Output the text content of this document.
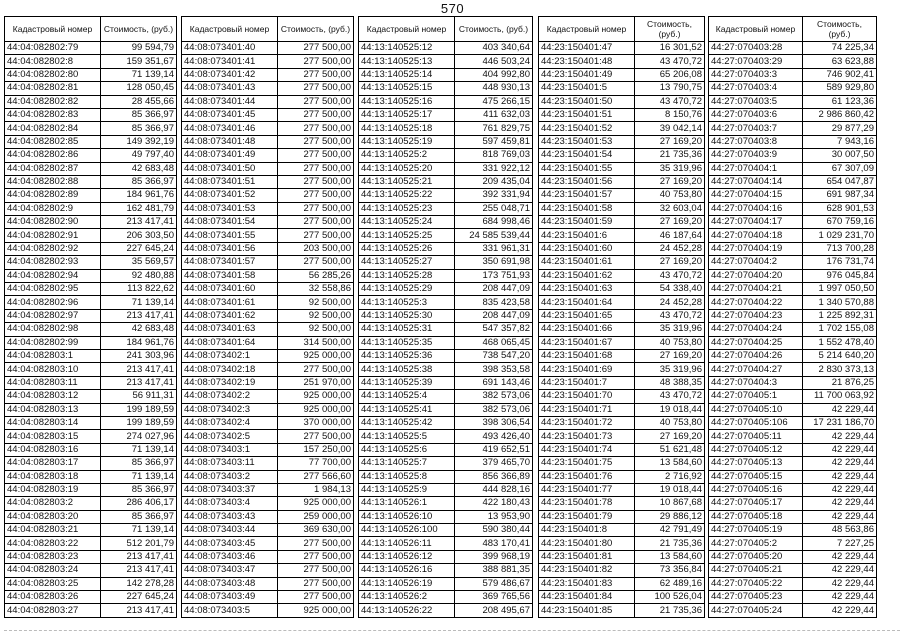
570
Кадастровый номер	Стоимость, (руб.)
44:04:082802:79	99 594,79
44:04:082802:8	159 351,67
44:04:082802:80	71 139,14
44:04:082802:81	128 050,45
44:04:082802:82	28 455,66
44:04:082802:83	85 366,97
44:04:082802:84	85 366,97
44:04:082802:85	149 392,19
44:04:082802:86	49 797,40
44:04:082802:87	42 683,48
44:04:082802:88	85 366,97
44:04:082802:89	184 961,76
44:04:082802:9	162 481,79
44:04:082802:90	213 417,41
44:04:082802:91	206 303,50
44:04:082802:92	227 645,24
44:04:082802:93	35 569,57
44:04:082802:94	92 480,88
44:04:082802:95	113 822,62
44:04:082802:96	71 139,14
44:04:082802:97	213 417,41
44:04:082802:98	42 683,48
44:04:082802:99	184 961,76
44:04:082803:1	241 303,96
44:04:082803:10	213 417,41
44:04:082803:11	213 417,41
44:04:082803:12	56 911,31
44:04:082803:13	199 189,59
44:04:082803:14	199 189,59
44:04:082803:15	274 027,96
44:04:082803:16	71 139,14
44:04:082803:17	85 366,97
44:04:082803:18	71 139,14
44:04:082803:19	85 366,97
44:04:082803:2	286 406,17
44:04:082803:20	85 366,97
44:04:082803:21	71 139,14
44:04:082803:22	512 201,79
44:04:082803:23	213 417,41
44:04:082803:24	213 417,41
44:04:082803:25	142 278,28
44:04:082803:26	227 645,24
44:04:082803:27	213 417,41
Кадастровый номер	Стоимость, (руб.)
44:08:073401:40	277 500,00
44:08:073401:41	277 500,00
44:08:073401:42	277 500,00
44:08:073401:43	277 500,00
44:08:073401:44	277 500,00
44:08:073401:45	277 500,00
44:08:073401:46	277 500,00
44:08:073401:48	277 500,00
44:08:073401:49	277 500,00
44:08:073401:50	277 500,00
44:08:073401:51	277 500,00
44:08:073401:52	277 500,00
44:08:073401:53	277 500,00
44:08:073401:54	277 500,00
44:08:073401:55	277 500,00
44:08:073401:56	203 500,00
44:08:073401:57	277 500,00
44:08:073401:58	56 285,26
44:08:073401:60	32 558,86
44:08:073401:61	92 500,00
44:08:073401:62	92 500,00
44:08:073401:63	92 500,00
44:08:073401:64	314 500,00
44:08:073402:1	925 000,00
44:08:073402:18	277 500,00
44:08:073402:19	251 970,00
44:08:073402:2	925 000,00
44:08:073402:3	925 000,00
44:08:073402:4	370 000,00
44:08:073402:5	277 500,00
44:08:073403:1	157 250,00
44:08:073403:11	77 700,00
44:08:073403:2	277 566,60
44:08:073403:37	1 984,13
44:08:073403:4	925 000,00
44:08:073403:43	259 000,00
44:08:073403:44	369 630,00
44:08:073403:45	277 500,00
44:08:073403:46	277 500,00
44:08:073403:47	277 500,00
44:08:073403:48	277 500,00
44:08:073403:49	277 500,00
44:08:073403:5	925 000,00
Кадастровый номер	Стоимость, (руб.)
44:13:140525:12	403 340,64
44:13:140525:13	446 503,24
44:13:140525:14	404 992,80
44:13:140525:15	448 930,13
44:13:140525:16	475 266,15
44:13:140525:17	411 632,03
44:13:140525:18	761 829,75
44:13:140525:19	597 459,81
44:13:140525:2	818 769,03
44:13:140525:20	331 922,12
44:13:140525:21	209 435,04
44:13:140525:22	392 331,94
44:13:140525:23	255 048,71
44:13:140525:24	684 998,46
44:13:140525:25	24 585 539,44
44:13:140525:26	331 961,31
44:13:140525:27	350 691,98
44:13:140525:28	173 751,93
44:13:140525:29	208 447,09
44:13:140525:3	835 423,58
44:13:140525:30	208 447,09
44:13:140525:31	547 357,82
44:13:140525:35	468 065,45
44:13:140525:36	738 547,20
44:13:140525:38	398 353,58
44:13:140525:39	691 143,46
44:13:140525:4	382 573,06
44:13:140525:41	382 573,06
44:13:140525:42	398 306,54
44:13:140525:5	493 426,40
44:13:140525:6	419 652,51
44:13:140525:7	379 465,70
44:13:140525:8	856 366,89
44:13:140525:9	444 828,16
44:13:140526:1	422 180,43
44:13:140526:10	13 953,90
44:13:140526:100	590 380,44
44:13:140526:11	483 170,41
44:13:140526:12	399 968,19
44:13:140526:16	388 881,35
44:13:140526:19	579 486,67
44:13:140526:2	369 765,56
44:13:140526:22	208 495,67
Кадастровый номер	Стоимость, (руб.)
44:23:150401:47	16 301,52
44:23:150401:48	43 470,72
44:23:150401:49	65 206,08
44:23:150401:5	13 790,75
44:23:150401:50	43 470,72
44:23:150401:51	8 150,76
44:23:150401:52	39 042,14
44:23:150401:53	27 169,20
44:23:150401:54	21 735,36
44:23:150401:55	35 319,96
44:23:150401:56	27 169,20
44:23:150401:57	40 753,80
44:23:150401:58	32 603,04
44:23:150401:59	27 169,20
44:23:150401:6	46 187,64
44:23:150401:60	24 452,28
44:23:150401:61	27 169,20
44:23:150401:62	43 470,72
44:23:150401:63	54 338,40
44:23:150401:64	24 452,28
44:23:150401:65	43 470,72
44:23:150401:66	35 319,96
44:23:150401:67	40 753,80
44:23:150401:68	27 169,20
44:23:150401:69	35 319,96
44:23:150401:7	48 388,35
44:23:150401:70	43 470,72
44:23:150401:71	19 018,44
44:23:150401:72	40 753,80
44:23:150401:73	27 169,20
44:23:150401:74	51 621,48
44:23:150401:75	13 584,60
44:23:150401:76	2 716,92
44:23:150401:77	19 018,44
44:23:150401:78	10 867,68
44:23:150401:79	29 886,12
44:23:150401:8	42 791,49
44:23:150401:80	21 735,36
44:23:150401:81	13 584,60
44:23:150401:82	73 356,84
44:23:150401:83	62 489,16
44:23:150401:84	100 526,04
44:23:150401:85	21 735,36
Кадастровый номер	Стоимость, (руб.)
44:27:070403:28	74 225,34
44:27:070403:29	63 623,88
44:27:070403:3	746 902,41
44:27:070403:4	589 929,80
44:27:070403:5	61 123,36
44:27:070403:6	2 986 860,42
44:27:070403:7	29 877,29
44:27:070403:8	7 943,16
44:27:070403:9	30 007,50
44:27:070404:1	67 307,09
44:27:070404:14	654 047,87
44:27:070404:15	691 987,34
44:27:070404:16	628 901,53
44:27:070404:17	670 759,16
44:27:070404:18	1 029 231,70
44:27:070404:19	713 700,28
44:27:070404:2	176 731,74
44:27:070404:20	976 045,84
44:27:070404:21	1 997 050,50
44:27:070404:22	1 340 570,88
44:27:070404:23	1 225 892,31
44:27:070404:24	1 702 155,08
44:27:070404:25	1 552 478,40
44:27:070404:26	5 214 640,20
44:27:070404:27	2 830 373,13
44:27:070404:3	21 876,25
44:27:070405:1	11 700 063,92
44:27:070405:10	42 229,44
44:27:070405:106	17 231 186,70
44:27:070405:11	42 229,44
44:27:070405:12	42 229,44
44:27:070405:13	42 229,44
44:27:070405:15	42 229,44
44:27:070405:16	42 229,44
44:27:070405:17	42 229,44
44:27:070405:18	42 229,44
44:27:070405:19	48 563,86
44:27:070405:2	7 227,25
44:27:070405:20	42 229,44
44:27:070405:21	42 229,44
44:27:070405:22	42 229,44
44:27:070405:23	42 229,44
44:27:070405:24	42 229,44
